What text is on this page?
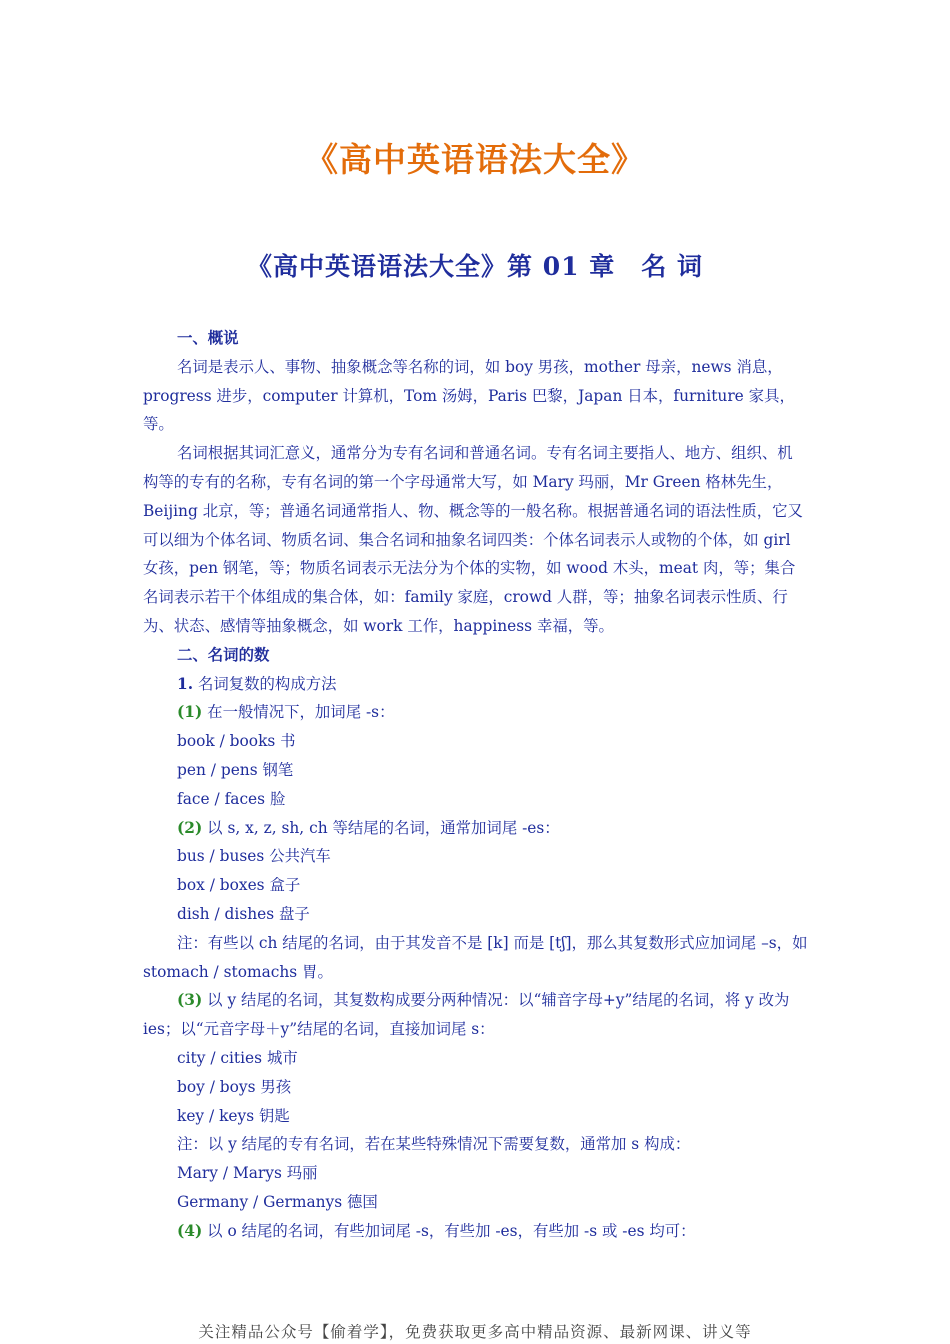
《高中英语语法大全》
《高中英语语法大全》第 01 章　名 词

一、概说

名词是表示人、事物、抽象概念等名称的词，如 boy 男孩，mother 母亲，news 消息，progress 进步，computer 计算机，Tom 汤姆，Paris 巴黎，Japan 日本，furniture 家具，等。

名词根据其词汇意义，通常分为专有名词和普通名词。专有名词主要指人、地方、组织、机构等的专有的名称，专有名词的第一个字母通常大写，如 Mary 玛丽，Mr Green 格林先生，Beijing 北京，等；普通名词通常指人、物、概念等的一般名称。根据普通名词的语法性质，它又可以细为个体名词、物质名词、集合名词和抽象名词四类：个体名词表示人或物的个体，如 girl 女孩，pen 钢笔，等；物质名词表示无法分为个体的实物，如 wood 木头，meat 肉，等；集合名词表示若干个体组成的集合体，如：family 家庭，crowd 人群，等；抽象名词表示性质、行为、状态、感情等抽象概念，如 work 工作，happiness 幸福，等。

二、名词的数

1. 名词复数的构成方法

(1) 在一般情况下，加词尾 -s：

book / books 书

pen / pens 钢笔

face / faces 脸

(2) 以 s, x, z, sh, ch 等结尾的名词，通常加词尾 -es：

bus / buses 公共汽车

box / boxes 盒子

dish / dishes 盘子

注：有些以 ch 结尾的名词，由于其发音不是 [k] 而是 [tʃ]，那么其复数形式应加词尾 –s，如 stomach / stomachs 胃。

(3) 以 y 结尾的名词，其复数构成要分两种情况：以“辅音字母+y”结尾的名词，将 y 改为 ies；以“元音字母＋y”结尾的名词，直接加词尾 s：

city / cities 城市

boy / boys 男孩

key / keys 钥匙

注：以 y 结尾的专有名词，若在某些特殊情况下需要复数，通常加 s 构成：

Mary / Marys 玛丽

Germany / Germanys 德国

(4) 以 o 结尾的名词，有些加词尾 -s，有些加 -es，有些加 -s 或 -es 均可：

关注精品公众号【偷着学】，免费获取更多高中精品资源、最新网课、讲义等
